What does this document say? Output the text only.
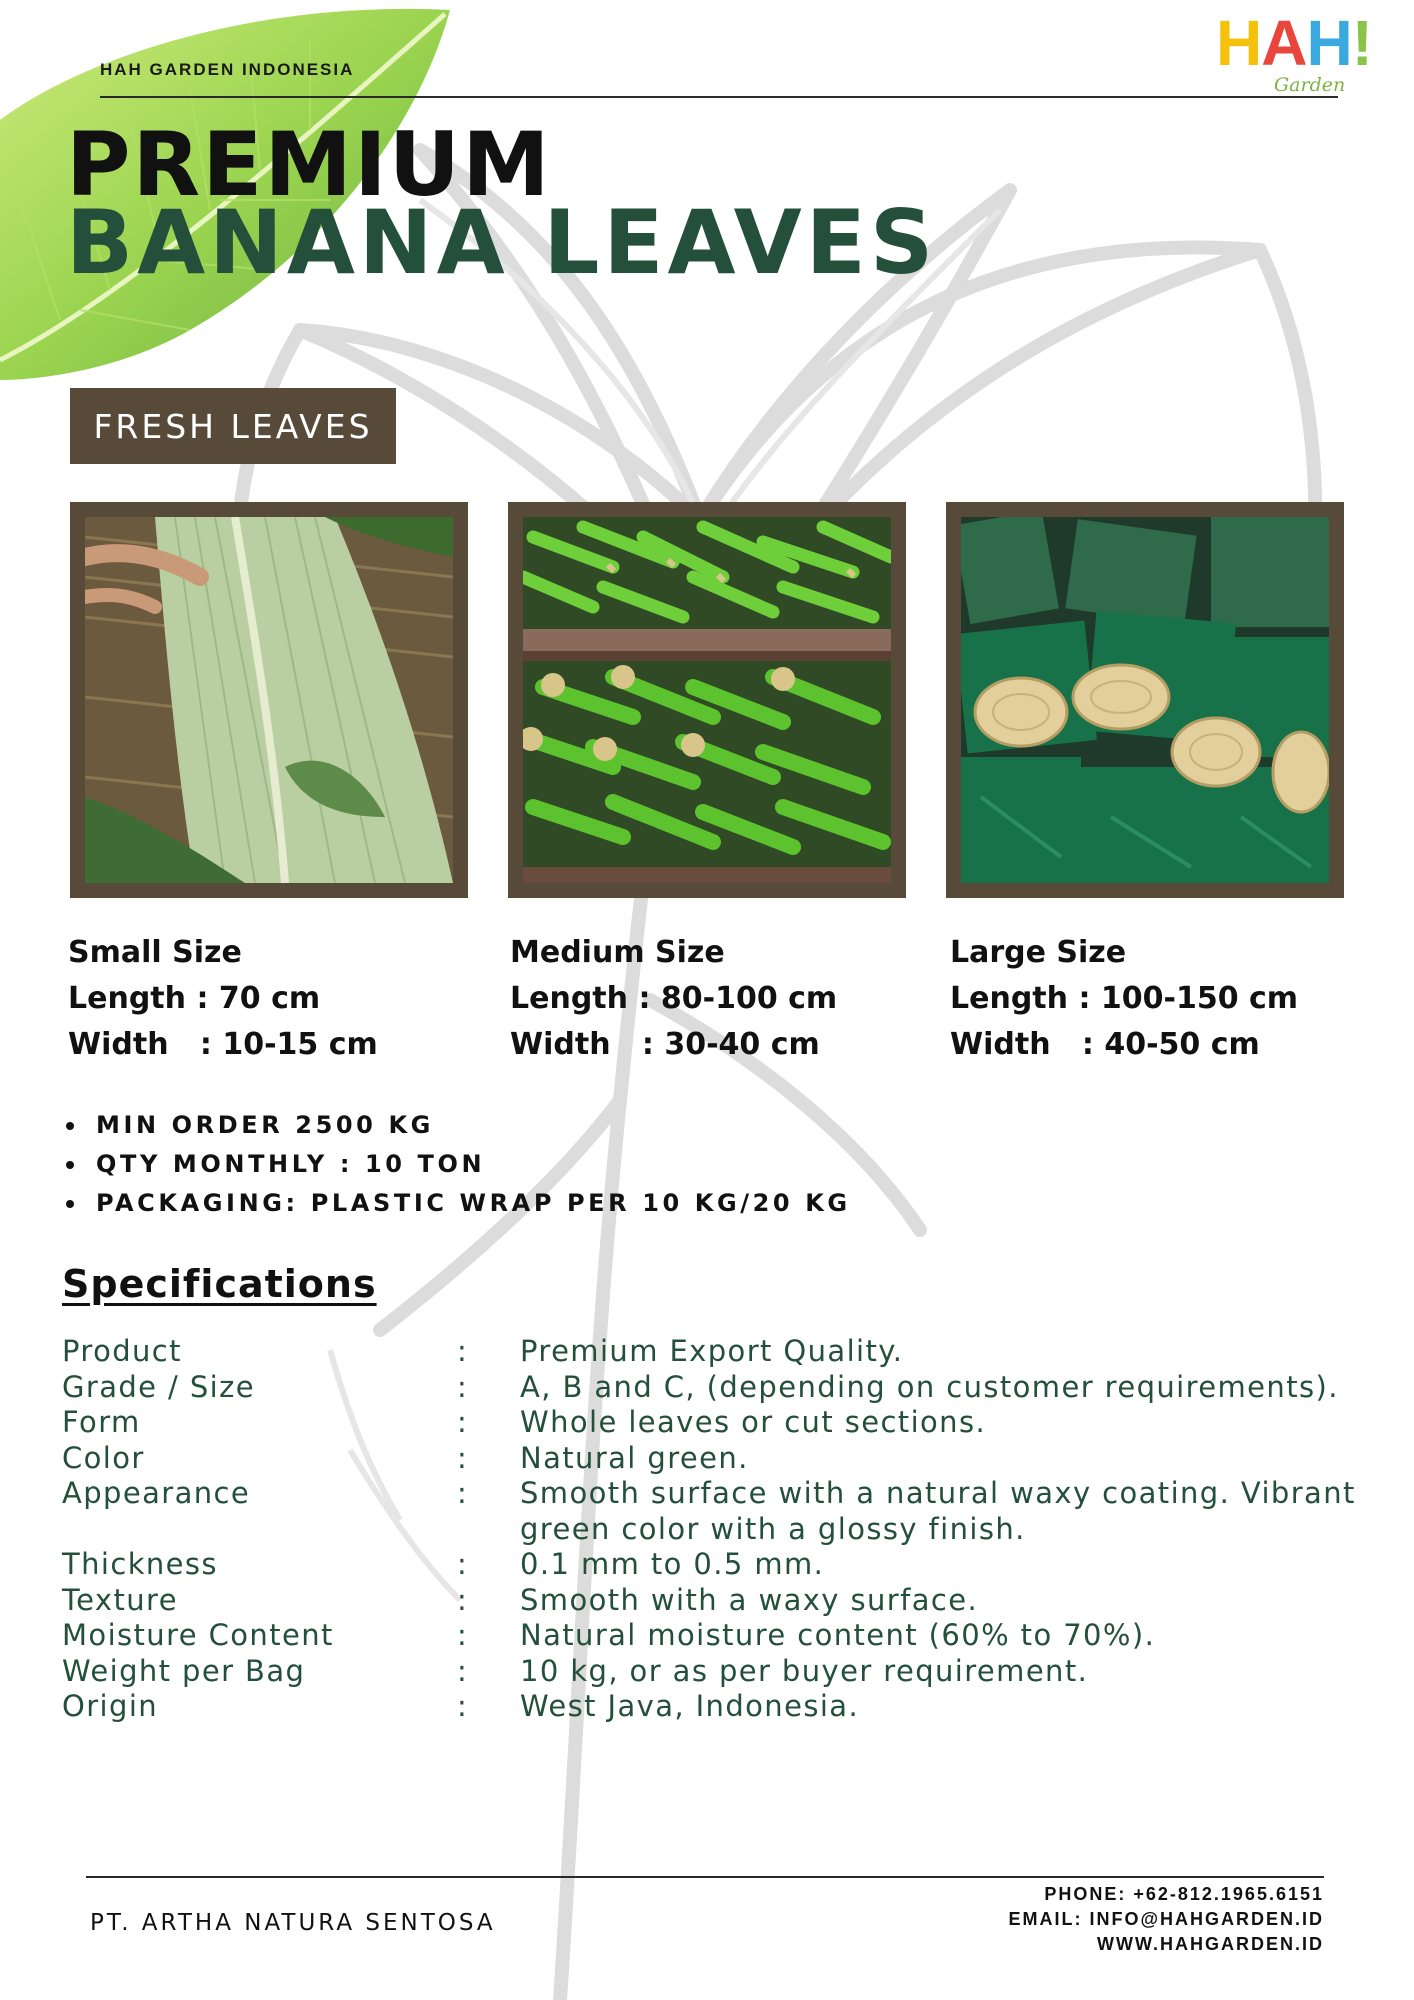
HAH GARDEN INDONESIA	HAH!
Garden
PREMIUM
BANANA LEAVES
FRESH LEAVES
Small Size
Length : 70 cm
Width   : 10-15 cm
Medium Size
Length : 80-100 cm
Width   : 30-40 cm
Large Size
Length : 100-150 cm
Width   : 40-50 cm
MIN ORDER 2500 KG
QTY MONTHLY : 10 TON
PACKAGING: PLASTIC WRAP PER 10 KG/20 KG
Specifications
Product	: Premium Export Quality.
Grade / Size	: A, B and C, (depending on customer requirements).
Form	: Whole leaves or cut sections.
Color	: Natural green.
Appearance	: Smooth surface with a natural waxy coating. Vibrant green color with a glossy finish.
Thickness	: 0.1 mm to 0.5 mm.
Texture	: Smooth with a waxy surface.
Moisture Content	: Natural moisture content (60% to 70%).
Weight per Bag	: 10 kg, or as per buyer requirement.
Origin	: West Java, Indonesia.
PT. ARTHA NATURA SENTOSA
PHONE: +62-812.1965.6151
EMAIL: INFO@HAHGARDEN.ID
WWW.HAHGARDEN.ID
